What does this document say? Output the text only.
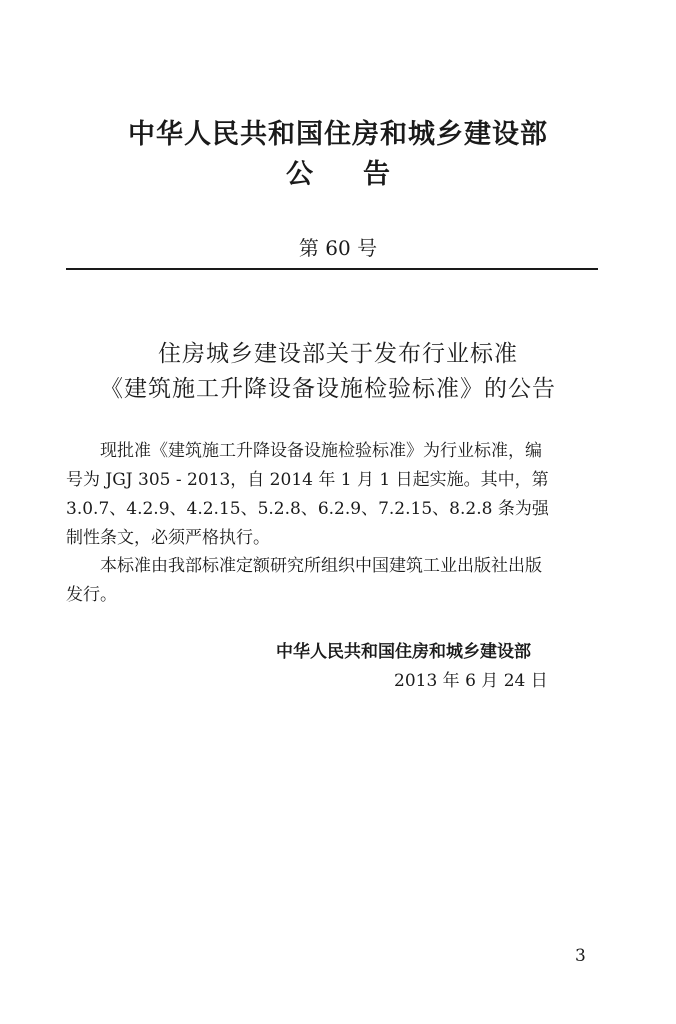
中华人民共和国住房和城乡建设部
公告
第 60 号
住房城乡建设部关于发布行业标准
《建筑施工升降设备设施检验标准》的公告
现批准《建筑施工升降设备设施检验标准》为行业标准，编
号为 JGJ 305 - 2013，自 2014 年 1 月 1 日起实施。其中，第
3.0.7、4.2.9、4.2.15、5.2.8、6.2.9、7.2.15、8.2.8 条为强
制性条文，必须严格执行。
本标准由我部标准定额研究所组织中国建筑工业出版社出版
发行。
中华人民共和国住房和城乡建设部
2013 年 6 月 24 日
3
